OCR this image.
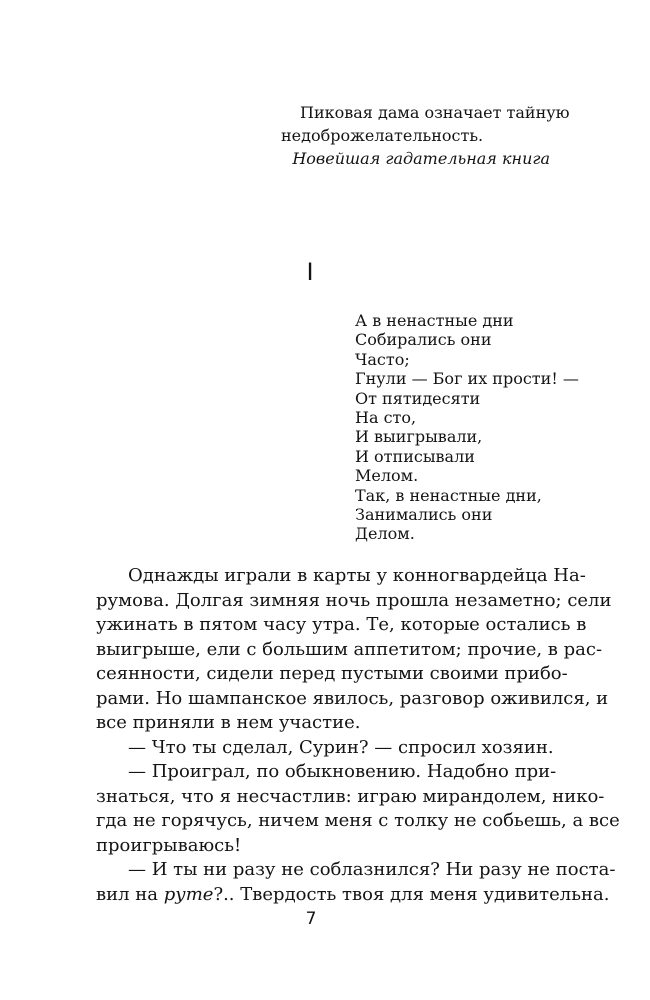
Пиковая дама означает тайную
недоброжелательность.
Новейшая гадательная книга
I
А в ненастные дни
Собирались они
Часто;
Гнули — Бог их прости! —
От пятидесяти
На сто,
И выигрывали,
И отписывали
Мелом.
Так, в ненастные дни,
Занимались они
Делом.
Однажды играли в карты у конногвардейца На-
румова. Долгая зимняя ночь прошла незаметно; сели
ужинать в пятом часу утра. Те, которые остались в
выигрыше, ели с большим аппетитом; прочие, в рас-
сеянности, сидели перед пустыми своими прибо-
рами. Но шампанское явилось, разговор оживился, и
все приняли в нем участие.
— Что ты сделал, Сурин? — спросил хозяин.
— Проиграл, по обыкновению. Надобно при-
знаться, что я несчастлив: играю мирандолем, нико-
гда не горячусь, ничем меня с толку не собьешь, а все
проигрываюсь!
— И ты ни разу не соблазнился? Ни разу не поста-
вил на руте?.. Твердость твоя для меня удивительна.
7
